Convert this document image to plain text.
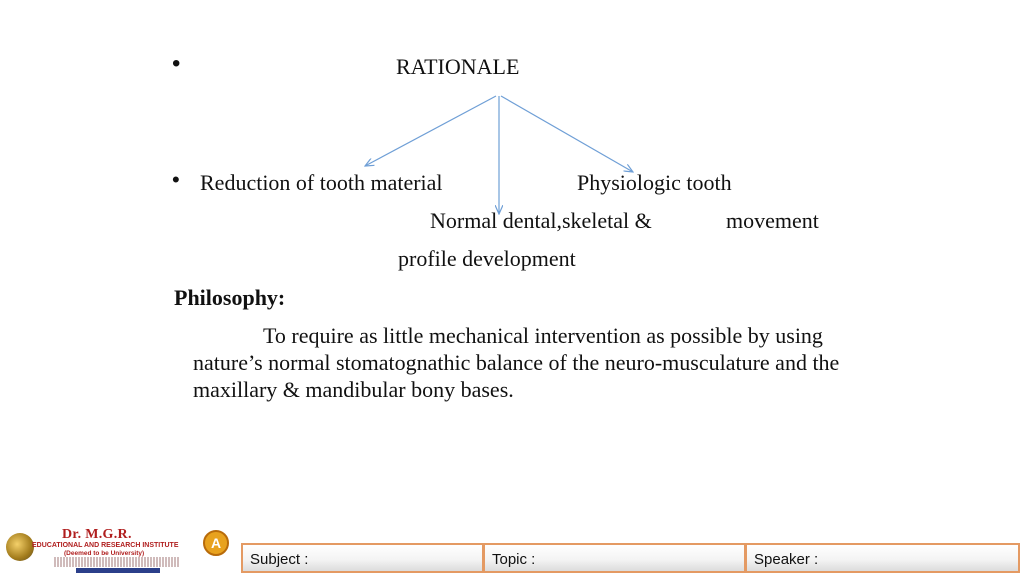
•
•
RATIONALE
Reduction of tooth material	Physiologic tooth
Normal dental,skeletal &	movement
profile development
Philosophy:
To require as little mechanical intervention as possible by using nature’s normal stomatognathic balance of the neuro-musculature and the maxillary & mandibular bony bases.
Dr. M.G.R.
EDUCATIONAL AND RESEARCH INSTITUTE
(Deemed to be University)
A
Subject :	Topic :	Speaker :
